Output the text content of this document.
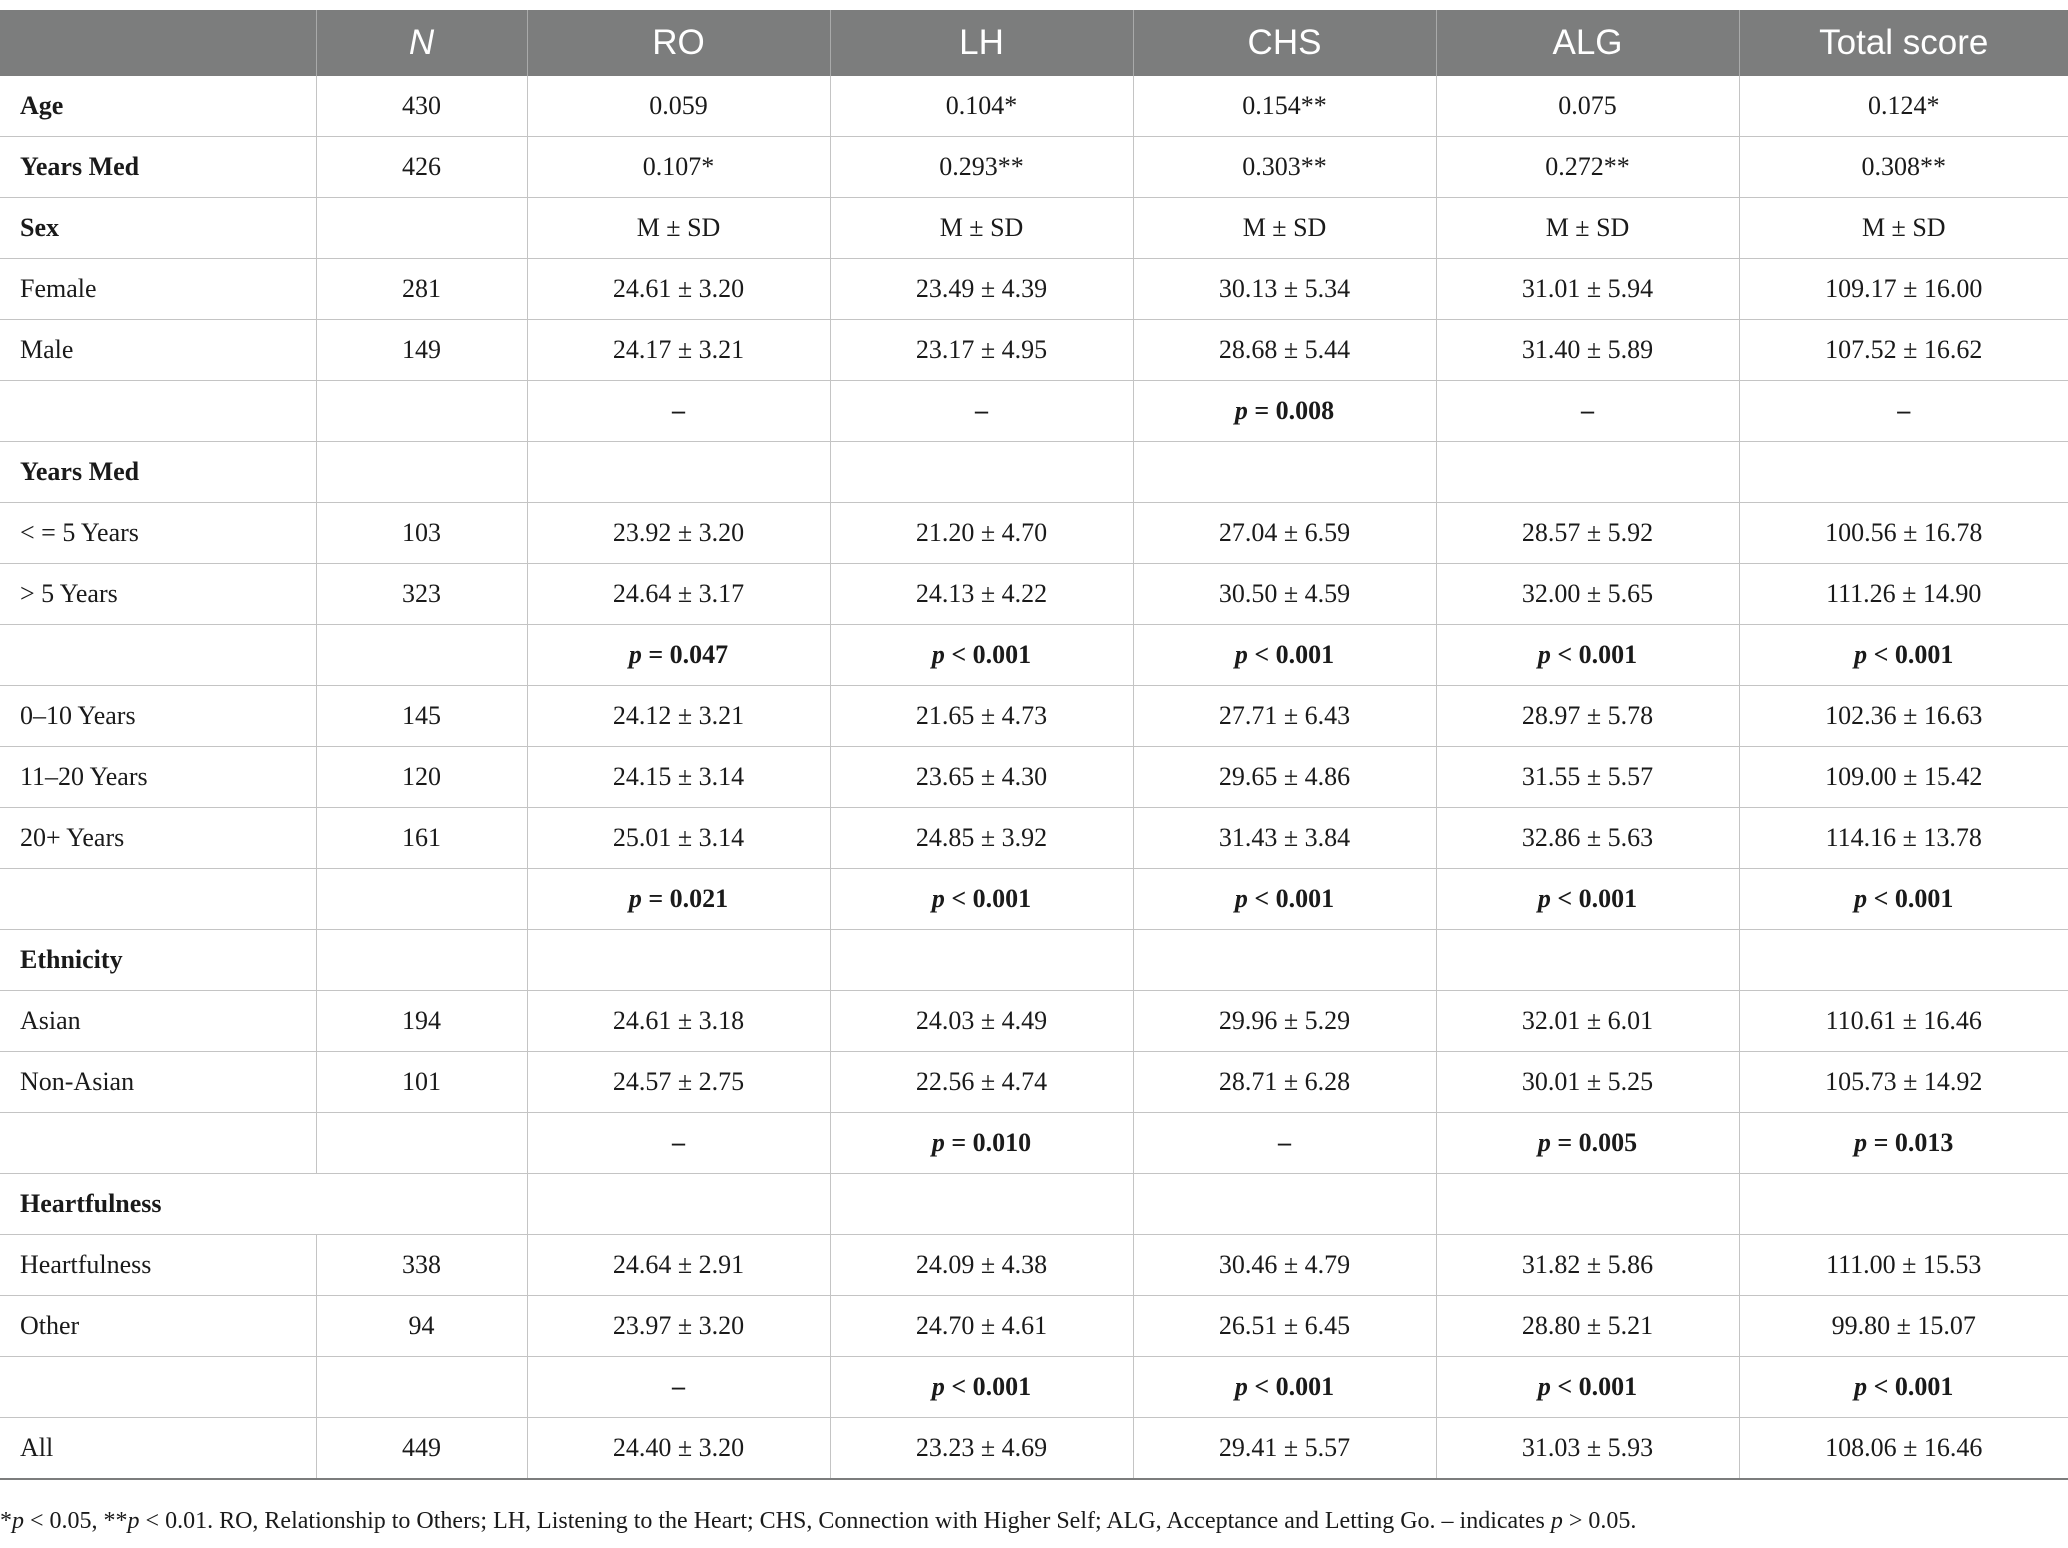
	N	RO	LH	CHS	ALG	Total score
Age	430	0.059	0.104*	0.154**	0.075	0.124*
Years Med	426	0.107*	0.293**	0.303**	0.272**	0.308**
Sex		M ± SD	M ± SD	M ± SD	M ± SD	M ± SD
Female	281	24.61 ± 3.20	23.49 ± 4.39	30.13 ± 5.34	31.01 ± 5.94	109.17 ± 16.00
Male	149	24.17 ± 3.21	23.17 ± 4.95	28.68 ± 5.44	31.40 ± 5.89	107.52 ± 16.62
		–	–	p = 0.008	–	–
Years Med						
< = 5 Years	103	23.92 ± 3.20	21.20 ± 4.70	27.04 ± 6.59	28.57 ± 5.92	100.56 ± 16.78
> 5 Years	323	24.64 ± 3.17	24.13 ± 4.22	30.50 ± 4.59	32.00 ± 5.65	111.26 ± 14.90
		p = 0.047	p < 0.001	p < 0.001	p < 0.001	p < 0.001
0–10 Years	145	24.12 ± 3.21	21.65 ± 4.73	27.71 ± 6.43	28.97 ± 5.78	102.36 ± 16.63
11–20 Years	120	24.15 ± 3.14	23.65 ± 4.30	29.65 ± 4.86	31.55 ± 5.57	109.00 ± 15.42
20+ Years	161	25.01 ± 3.14	24.85 ± 3.92	31.43 ± 3.84	32.86 ± 5.63	114.16 ± 13.78
		p = 0.021	p < 0.001	p < 0.001	p < 0.001	p < 0.001
Ethnicity						
Asian	194	24.61 ± 3.18	24.03 ± 4.49	29.96 ± 5.29	32.01 ± 6.01	110.61 ± 16.46
Non-Asian	101	24.57 ± 2.75	22.56 ± 4.74	28.71 ± 6.28	30.01 ± 5.25	105.73 ± 14.92
		–	p = 0.010	–	p = 0.005	p = 0.013
Heartfulness						
Heartfulness	338	24.64 ± 2.91	24.09 ± 4.38	30.46 ± 4.79	31.82 ± 5.86	111.00 ± 15.53
Other	94	23.97 ± 3.20	24.70 ± 4.61	26.51 ± 6.45	28.80 ± 5.21	99.80 ± 15.07
		–	p < 0.001	p < 0.001	p < 0.001	p < 0.001
All	449	24.40 ± 3.20	23.23 ± 4.69	29.41 ± 5.57	31.03 ± 5.93	108.06 ± 16.46
*p < 0.05, **p < 0.01. RO, Relationship to Others; LH, Listening to the Heart; CHS, Connection with Higher Self; ALG, Acceptance and Letting Go. – indicates p > 0.05.
